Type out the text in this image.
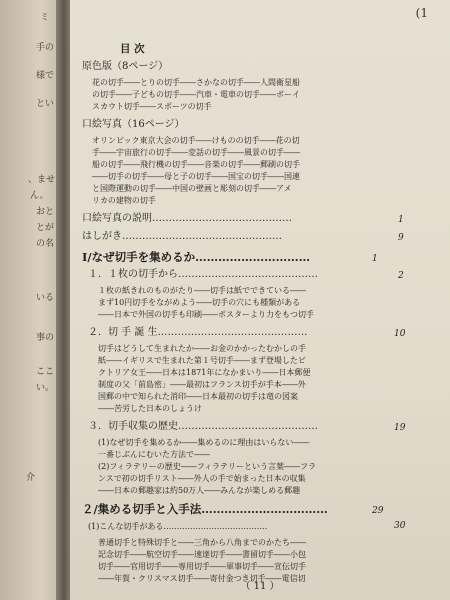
ミ
手の
様で
とい
、ませ
ん。
おと
とが
の名
いる
事の
ここ
い。
介
(1
目 次
原色版（8ページ）
花の切手――とりの切手――さかなの切手――人間衛星船
の切手――子どもの切手――汽車・電車の切手――ボーイ
スカウト切手――スポーツの切手
口絵写真（16ページ）
オリンピック東京大会の切手――けものの切手――花の切
手――宇宙旅行の切手――変話の切手――風景の切手――
船の切手――飛行機の切手――音楽の切手――郵刷の切手
――切手の切手――母と子の切手――国宝の切手――国連
と国際運動の切手――中国の壁画と彫刻の切手――アメ
リカの建物の切手
口絵写真の説明……………………………………	1
はしがき…………………………………………	9
Ⅰ/なぜ切手を集めるか…………………………	1
１．１枚の切手から……………………………………	2
１枚の紙きれのものがたり――切手は紙でできている――
まず10円切手をながめよう――切手の穴にも種類がある
――日本で外国の切手も印刷――ポスターより力をもつ切手
２．切 手 誕 生………………………………………	10
切手はどうして生まれたか――お金のかかったむかしの手
紙――イギリスで生まれた第１号切手――まず登場したビ
クトリア女王――日本は1871年になかまいり――日本郵便
制度の父「前島密」――最初はフランス切手が手本――外
国郵の中で知られた消印――日本最初の切手は竜の図案
――苦労した日本のしょうけ
３．切手収集の歴史……………………………………	19
(1)なぜ切手を集めるか――集めるのに理由はいらない――
一番じぶんにむいた方法で――
(2)フィラテリーの歴史――フィラテリーという言葉――フラ
ンスで初の切手リスト――外人の手で始まった日本の収集
――日本の郵趣家は約50万人――みんなが楽しめる郵趣
２/集める切手と入手法……………………………	29
(1)こんな切手がある…………………………………	30
普通切手と特殊切手と――三角から八角までのかたち――
記念切手――航空切手――速達切手――書留切手――小包
切手――官用切手――専用切手――軍事切手――宣伝切手
――年賀・クリスマス切手――寄付金つき切手――電信切
（ 11 ）
